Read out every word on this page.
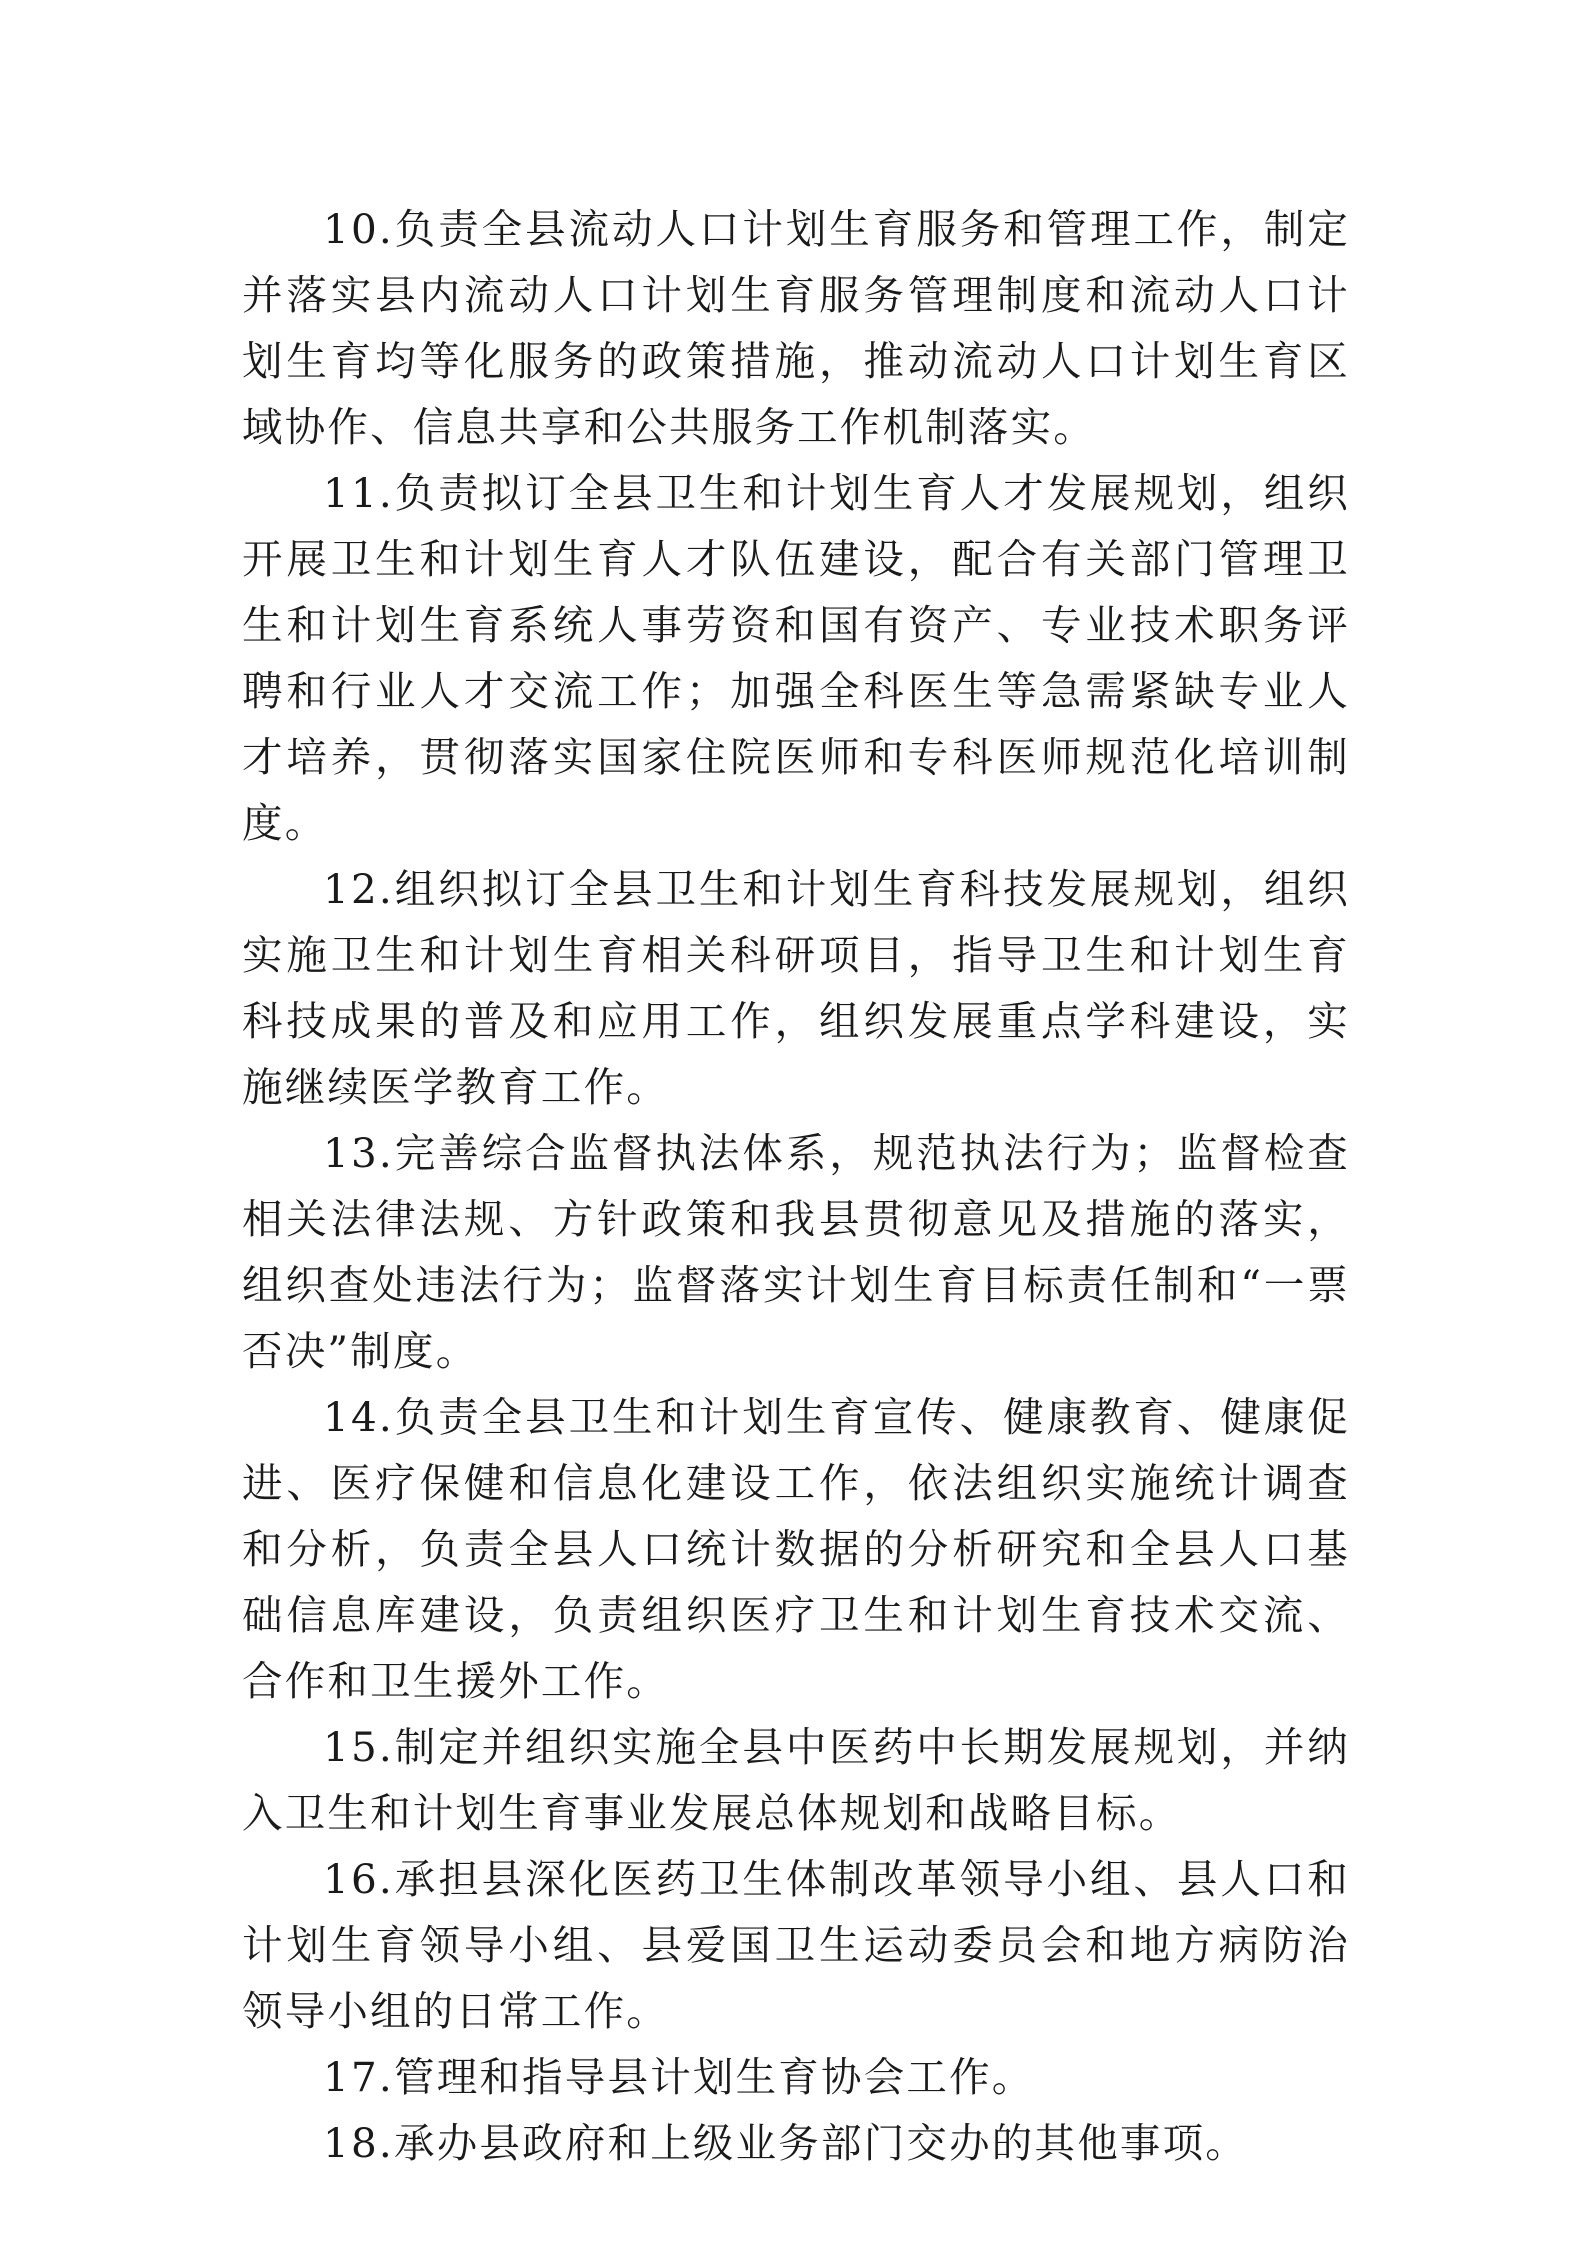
10.负责全县流动人口计划生育服务和管理工作，制定并落实县内流动人口计划生育服务管理制度和流动人口计划生育均等化服务的政策措施，推动流动人口计划生育区域协作、信息共享和公共服务工作机制落实。

11.负责拟订全县卫生和计划生育人才发展规划，组织开展卫生和计划生育人才队伍建设，配合有关部门管理卫生和计划生育系统人事劳资和国有资产、专业技术职务评聘和行业人才交流工作；加强全科医生等急需紧缺专业人才培养，贯彻落实国家住院医师和专科医师规范化培训制度。

12.组织拟订全县卫生和计划生育科技发展规划，组织实施卫生和计划生育相关科研项目，指导卫生和计划生育科技成果的普及和应用工作，组织发展重点学科建设，实施继续医学教育工作。

13.完善综合监督执法体系，规范执法行为；监督检查相关法律法规、方针政策和我县贯彻意见及措施的落实，组织查处违法行为；监督落实计划生育目标责任制和“一票否决”制度。

14.负责全县卫生和计划生育宣传、健康教育、健康促进、医疗保健和信息化建设工作，依法组织实施统计调查和分析，负责全县人口统计数据的分析研究和全县人口基础信息库建设，负责组织医疗卫生和计划生育技术交流、合作和卫生援外工作。

15.制定并组织实施全县中医药中长期发展规划，并纳入卫生和计划生育事业发展总体规划和战略目标。

16.承担县深化医药卫生体制改革领导小组、县人口和计划生育领导小组、县爱国卫生运动委员会和地方病防治领导小组的日常工作。

17.管理和指导县计划生育协会工作。

18.承办县政府和上级业务部门交办的其他事项。
